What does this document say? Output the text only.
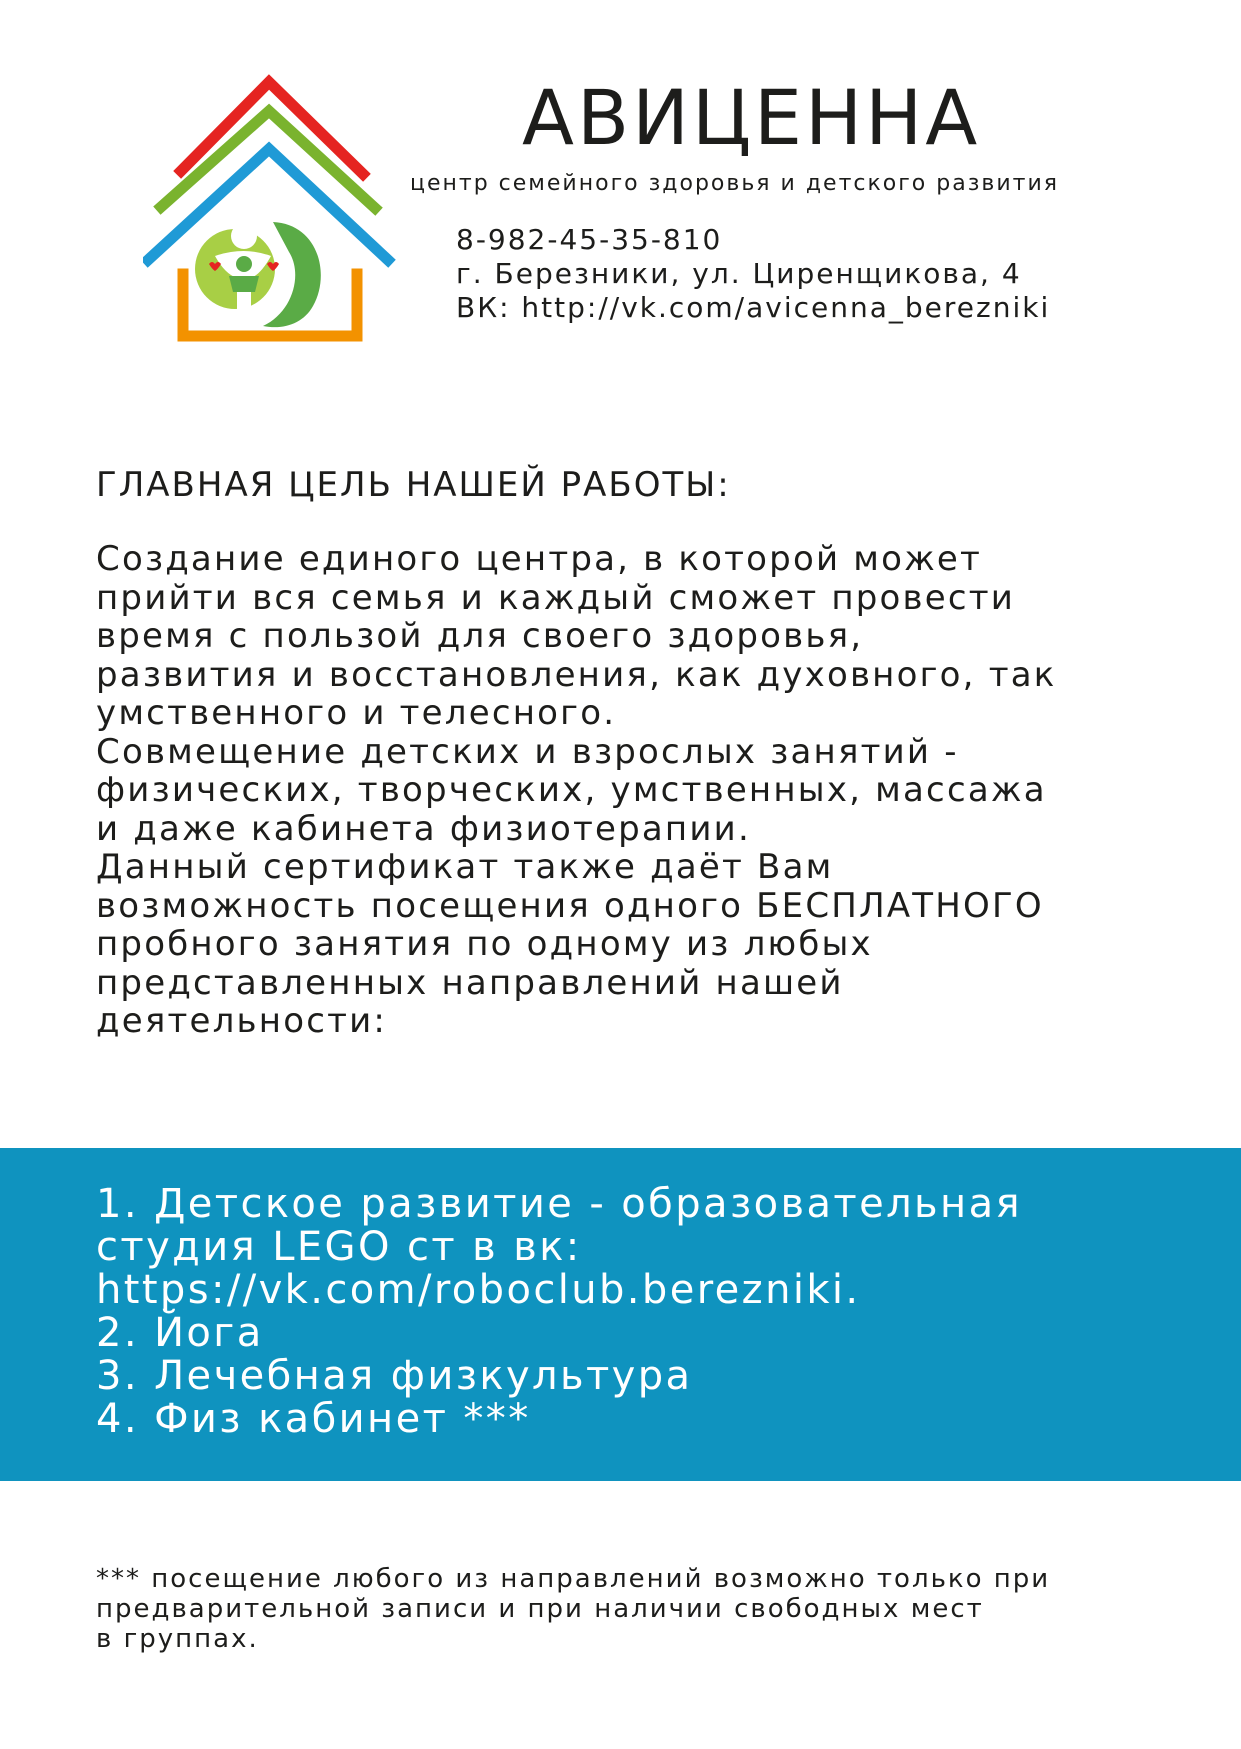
АВИЦЕННА
центр семейного здоровья и детского развития
8-982-45-35-810
г. Березники, ул. Циренщикова, 4
ВК: http://vk.com/avicenna_berezniki
ГЛАВНАЯ ЦЕЛЬ НАШЕЙ РАБОТЫ:
Создание единого центра, в которой может
прийти вся семья и каждый сможет провести
время с пользой для своего здоровья,
развития и восстановления, как духовного, так
умственного и телесного.
Совмещение детских и взрослых занятий -
физических, творческих, умственных, массажа
и даже кабинета физиотерапии.
Данный сертификат также даёт Вам
возможность посещения одного БЕСПЛАТНОГО
пробного занятия по одному из любых
представленных направлений нашей
деятельности:
1. Детское развитие - образовательная
студия LEGO ст в вк:
https://vk.com/roboclub.berezniki.
2. Йога
3. Лечебная физкультура
4. Физ кабинет ***
*** посещение любого из направлений возможно только при
предварительной записи и при наличии свободных мест
в группах.
